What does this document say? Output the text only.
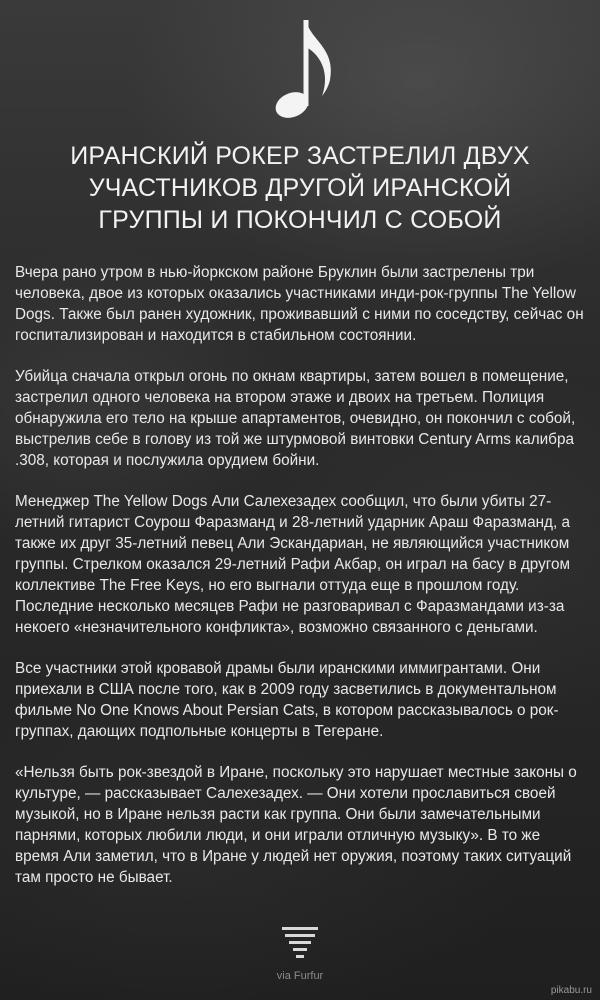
ИРАНСКИЙ РОКЕР ЗАСТРЕЛИЛ ДВУХ УЧАСТНИКОВ ДРУГОЙ ИРАНСКОЙ ГРУППЫ И ПОКОНЧИЛ С СОБОЙ

Вчера рано утром в нью-йоркском районе Бруклин были застрелены три человека, двое из которых оказались участниками инди-рок-группы The Yellow Dogs. Также был ранен художник, проживавший с ними по соседству, сейчас он госпитализирован и находится в стабильном состоянии.

Убийца сначала открыл огонь по окнам квартиры, затем вошел в помещение, застрелил одного человека на втором этаже и двоих на третьем. Полиция обнаружила его тело на крыше апартаментов, очевидно, он покончил с собой, выстрелив себе в голову из той же штурмовой винтовки Century Arms калибра .308, которая и послужила орудием бойни.

Менеджер The Yellow Dogs Али Салехезадех сообщил, что были убиты 27-летний гитарист Соурош Фаразманд и 28-летний ударник Араш Фаразманд, а также их друг 35-летний певец Али Эскандариан, не являющийся участником группы. Стрелком оказался 29-летний Рафи Акбар, он играл на басу в другом коллективе The Free Keys, но его выгнали оттуда еще в прошлом году. Последние несколько месяцев Рафи не разговаривал с Фаразмандами из-за некоего «незначительного конфликта», возможно связанного с деньгами.

Все участники этой кровавой драмы были иранскими иммигрантами. Они приехали в США после того, как в 2009 году засветились в документальном фильме No One Knows About Persian Cats, в котором рассказывалось о рок-группах, дающих подпольные концерты в Тегеране.

«Нельзя быть рок-звездой в Иране, поскольку это нарушает местные законы о культуре, — рассказывает Салехезадех. — Они хотели прославиться своей музыкой, но в Иране нельзя расти как группа. Они были замечательными парнями, которых любили люди, и они играли отличную музыку». В то же время Али заметил, что в Иране у людей нет оружия, поэтому таких ситуаций там просто не бывает.

via Furfur

pikabu.ru
